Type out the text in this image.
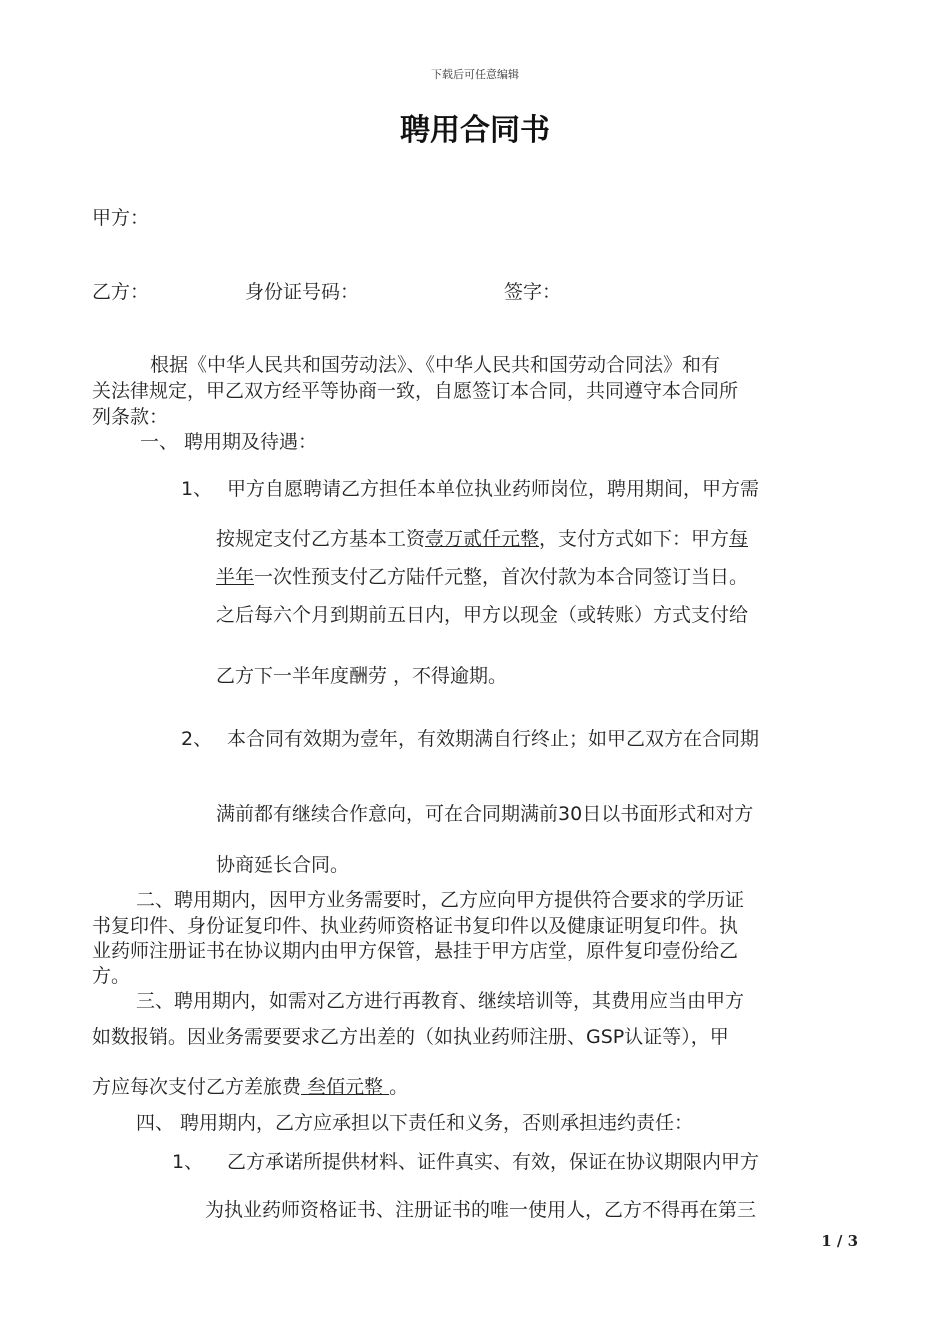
下载后可任意编辑
聘用合同书
甲方：
乙方：	身份证号码：	签字：
根据《中华人民共和国劳动法》、《中华人民共和国劳动合同法》和有
关法律规定，甲乙双方经平等协商一致，自愿签订本合同，共同遵守本合同所
列条款：
一、 聘用期及待遇：
1、 甲方自愿聘请乙方担任本单位执业药师岗位，聘用期间，甲方需
按规定支付乙方基本工资壹万贰仟元整，支付方式如下：甲方每
半年一次性预支付乙方陆仟元整，首次付款为本合同签订当日。
之后每六个月到期前五日内，甲方以现金（或转账）方式支付给
乙方下一半年度酬劳 ，不得逾期。
2、 本合同有效期为壹年，有效期满自行终止；如甲乙双方在合同期
满前都有继续合作意向，可在合同期满前30日以书面形式和对方
协商延长合同。
二、聘用期内，因甲方业务需要时，乙方应向甲方提供符合要求的学历证
书复印件、身份证复印件、执业药师资格证书复印件以及健康证明复印件。执
业药师注册证书在协议期内由甲方保管，悬挂于甲方店堂，原件复印壹份给乙
方。
三、聘用期内，如需对乙方进行再教育、继续培训等，其费用应当由甲方
如数报销。因业务需要要求乙方出差的（如执业药师注册、GSP认证等），甲
方应每次支付乙方差旅费 叁佰元整 。
四、 聘用期内，乙方应承担以下责任和义务，否则承担违约责任：
1、 乙方承诺所提供材料、证件真实、有效，保证在协议期限内甲方
为执业药师资格证书、注册证书的唯一使用人，乙方不得再在第三
1 / 3
